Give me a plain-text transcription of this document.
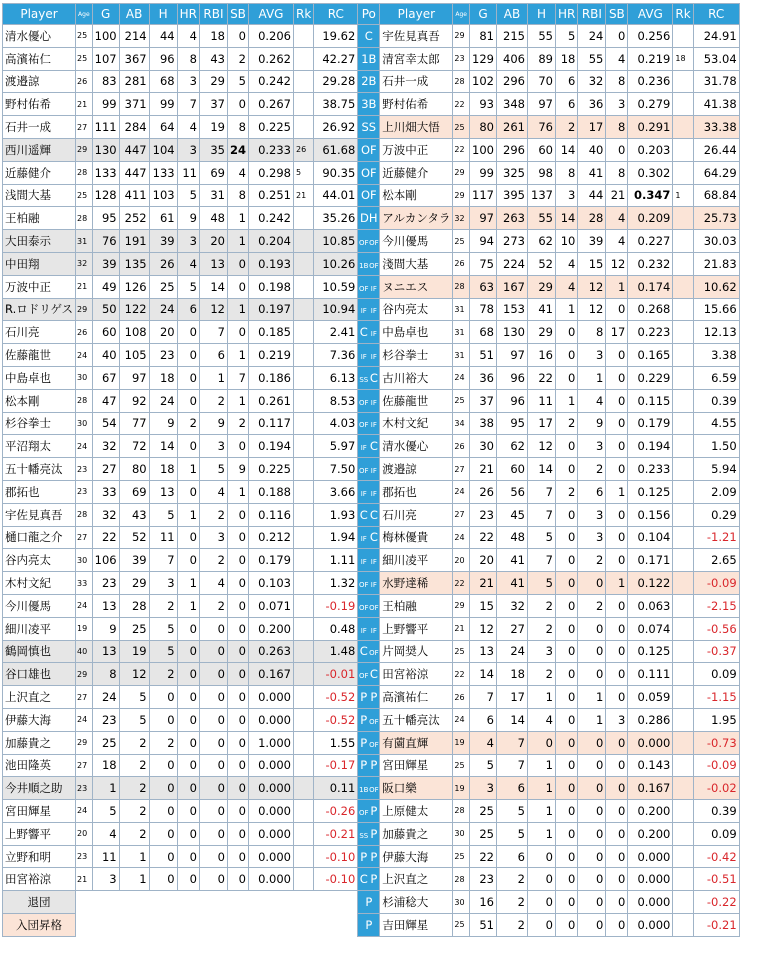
Player	Age	G	AB	H	HR	RBI	SB	AVG	Rk	RC	Po	Player	Age	G	AB	H	HR	RBI	SB	AVG	Rk	RC
清水優心	25	100	214	44	4	18	0	0.206		19.62	C	宇佐見真吾	29	81	215	55	5	24	0	0.256		24.91
高濱祐仁	25	107	367	96	8	43	2	0.262		42.27	1B	清宮幸太郎	23	129	406	89	18	55	4	0.219	18	53.04
渡邉諒	26	83	281	68	3	29	5	0.242		29.28	2B	石井一成	28	102	296	70	6	32	8	0.236		31.78
野村佑希	21	99	371	99	7	37	0	0.267		38.75	3B	野村佑希	22	93	348	97	6	36	3	0.279		41.38
石井一成	27	111	284	64	4	19	8	0.225		26.92	SS	上川畑大悟	25	80	261	76	2	17	8	0.291		33.38
西川遥輝	29	130	447	104	3	35	24	0.233	26	61.68	OF	万波中正	22	100	296	60	14	40	0	0.203		26.44
近藤健介	28	133	447	133	11	69	4	0.298	5	90.35	OF	近藤健介	29	99	325	98	8	41	8	0.302		64.29
浅間大基	25	128	411	103	5	31	8	0.251	21	44.01	OF	松本剛	29	117	395	137	3	44	21	0.347	1	68.84
王柏融	28	95	252	61	9	48	1	0.242		35.26	DH	アルカンタラ	32	97	263	55	14	28	4	0.209		25.73
大田泰示	31	76	191	39	3	20	1	0.204		10.85	OFOF	今川優馬	25	94	273	62	10	39	4	0.227		30.03
中田翔	32	39	135	26	4	13	0	0.193		10.26	1BOF	淺間大基	26	75	224	52	4	15	12	0.232		21.83
万波中正	21	49	126	25	5	14	0	0.198		10.59	OF IF	ヌニエス	28	63	167	29	4	12	1	0.174		10.62
R.ロドリゲス	29	50	122	24	6	12	1	0.197		10.94	IF IF	谷内亮太	31	78	153	41	1	12	0	0.268		15.66
石川亮	26	60	108	20	0	7	0	0.185		2.41	C IF	中島卓也	31	68	130	29	0	8	17	0.223		12.13
佐藤龍世	24	40	105	23	0	6	1	0.219		7.36	IF IF	杉谷拳士	31	51	97	16	0	3	0	0.165		3.38
中島卓也	30	67	97	18	0	1	7	0.186		6.13	SS C	古川裕大	24	36	96	22	0	1	0	0.229		6.59
松本剛	28	47	92	24	0	2	1	0.261		8.53	OF IF	佐藤龍世	25	37	96	11	1	4	0	0.115		0.39
杉谷拳士	30	54	77	9	2	9	2	0.117		4.03	OF IF	木村文紀	34	38	95	17	2	9	0	0.179		4.55
平沼翔太	24	32	72	14	0	3	0	0.194		5.97	IF C	清水優心	26	30	62	12	0	3	0	0.194		1.50
五十幡亮汰	23	27	80	18	1	5	9	0.225		7.50	OF IF	渡邉諒	27	21	60	14	0	2	0	0.233		5.94
郡拓也	23	33	69	13	0	4	1	0.188		3.66	IF IF	郡拓也	24	26	56	7	2	6	1	0.125		2.09
宇佐見真吾	28	32	43	5	1	2	0	0.116		1.93	C C	石川亮	27	23	45	7	0	3	0	0.156		0.29
樋口龍之介	27	22	52	11	0	3	0	0.212		1.94	IF C	梅林優貴	24	22	48	5	0	3	0	0.104		-1.21
谷内亮太	30	106	39	7	0	2	0	0.179		1.11	IF IF	細川凌平	20	20	41	7	0	2	0	0.171		2.65
木村文紀	33	23	29	3	1	4	0	0.103		1.32	OF IF	水野達稀	22	21	41	5	0	0	1	0.122		-0.09
今川優馬	24	13	28	2	1	2	0	0.071		-0.19	OFOF	王柏融	29	15	32	2	0	2	0	0.063		-2.15
細川凌平	19	9	25	5	0	0	0	0.200		0.48	IF IF	上野響平	21	12	27	2	0	0	0	0.074		-0.56
鶴岡慎也	40	13	19	5	0	0	0	0.263		1.48	COF	片岡奨人	25	13	24	3	0	0	0	0.125		-0.37
谷口雄也	29	8	12	2	0	0	0	0.167		-0.01	OFC	田宮裕涼	22	14	18	2	0	0	0	0.111		0.09
上沢直之	27	24	5	0	0	0	0	0.000		-0.52	P P	高濱祐仁	26	7	17	1	0	1	0	0.059		-1.15
伊藤大海	24	23	5	0	0	0	0	0.000		-0.52	P OF	五十幡亮汰	24	6	14	4	0	1	3	0.286		1.95
加藤貴之	29	25	2	2	0	0	0	1.000		1.55	P OF	有薗直輝	19	4	7	0	0	0	0	0.000		-0.73
池田隆英	27	18	2	0	0	0	0	0.000		-0.17	P P	宮田輝星	25	5	7	1	0	0	0	0.143		-0.09
今井順之助	23	1	2	0	0	0	0	0.000		0.11	1BOF	阪口樂	19	3	6	1	0	0	0	0.167		-0.02
宮田輝星	24	5	2	0	0	0	0	0.000		-0.26	OF P	上原健太	28	25	5	1	0	0	0	0.200		0.39
上野響平	20	4	2	0	0	0	0	0.000		-0.21	SS P	加藤貴之	30	25	5	1	0	0	0	0.200		0.09
立野和明	23	11	1	0	0	0	0	0.000		-0.10	P P	伊藤大海	25	22	6	0	0	0	0	0.000		-0.42
田宮裕涼	21	3	1	0	0	0	0	0.000		-0.10	C P	上沢直之	28	23	2	0	0	0	0	0.000		-0.51
退団											P	杉浦稔大	30	16	2	0	0	0	0	0.000		-0.22
入団昇格											P	吉田輝星	25	51	2	0	0	0	0	0.000		-0.21
